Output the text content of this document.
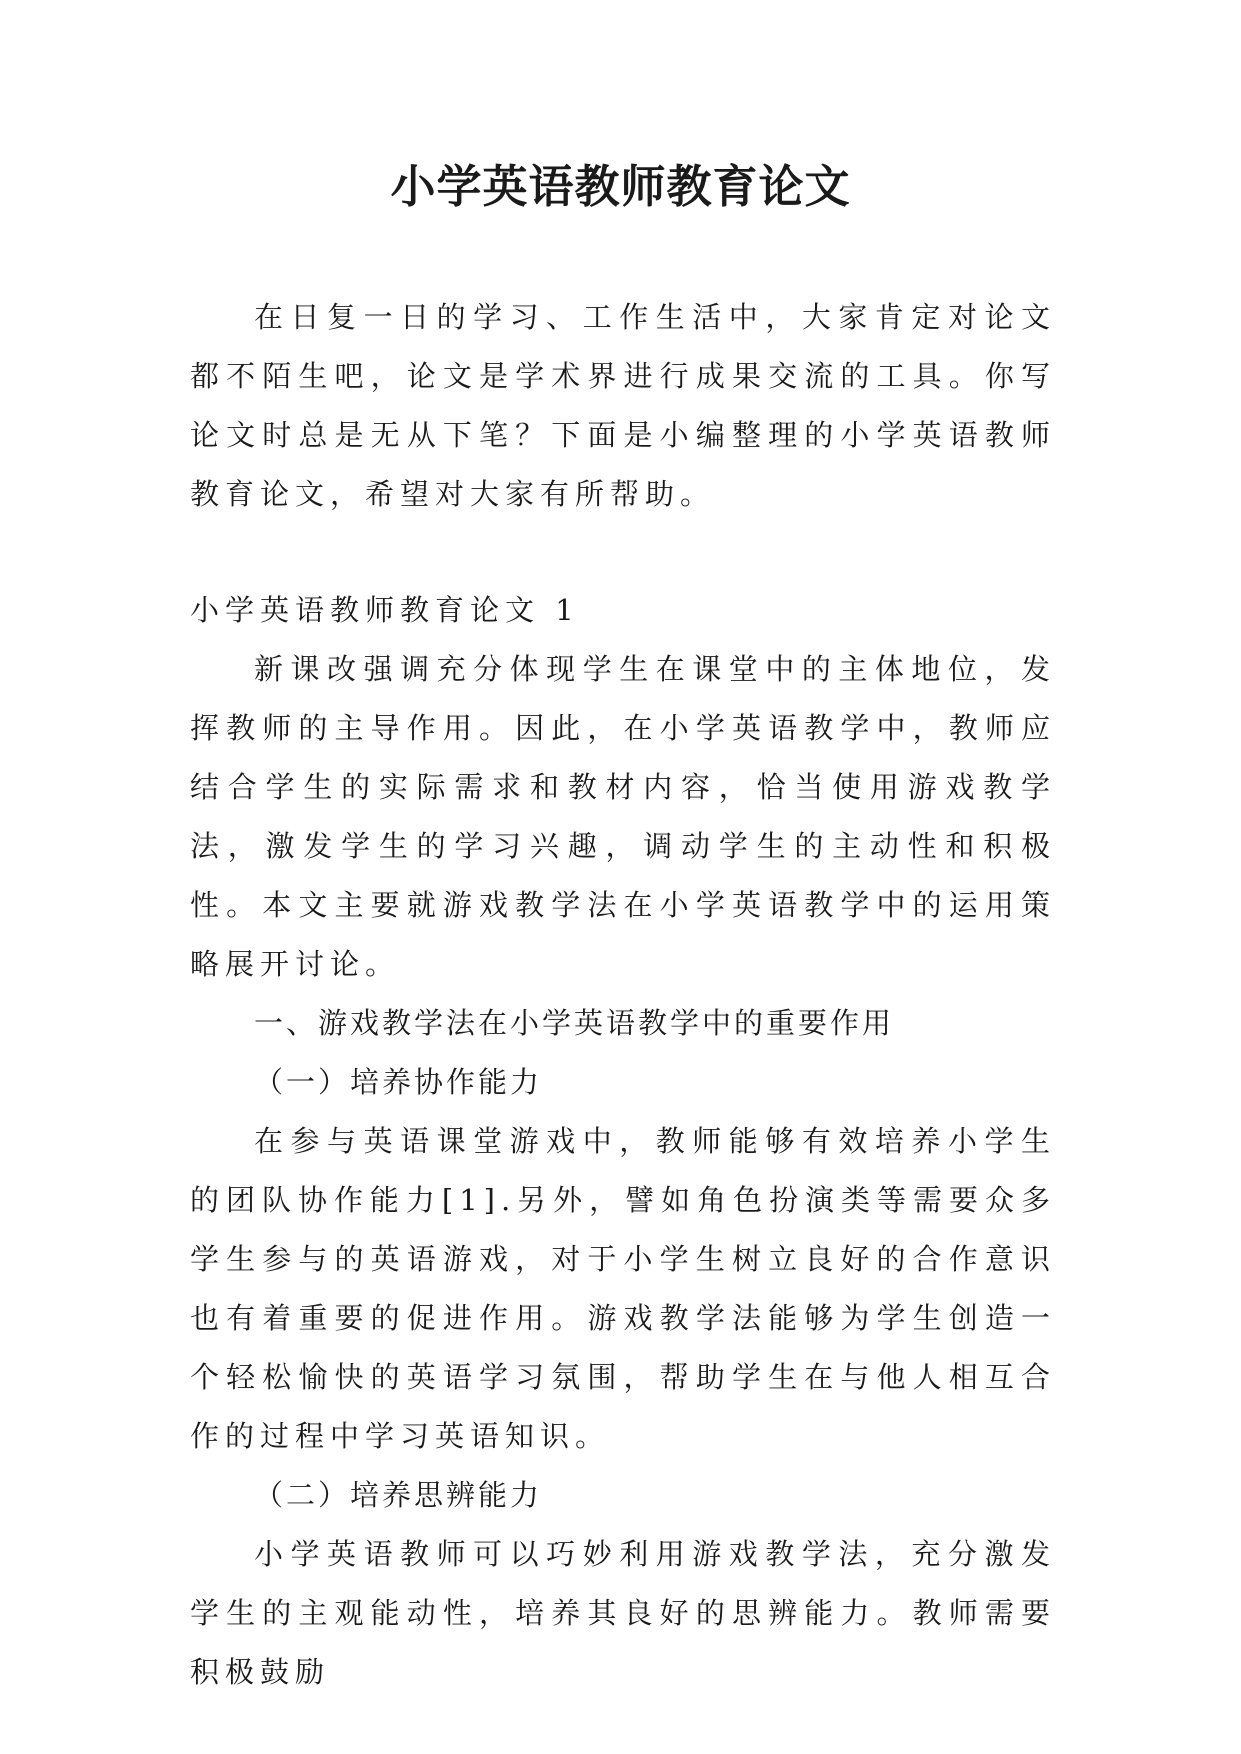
小学英语教师教育论文

在日复一日的学习、工作生活中，大家肯定对论文都不陌生吧，论文是学术界进行成果交流的工具。你写论文时总是无从下笔？下面是小编整理的小学英语教师教育论文，希望对大家有所帮助。

小学英语教师教育论文 1

新课改强调充分体现学生在课堂中的主体地位，发挥教师的主导作用。因此，在小学英语教学中，教师应结合学生的实际需求和教材内容，恰当使用游戏教学法，激发学生的学习兴趣，调动学生的主动性和积极性。本文主要就游戏教学法在小学英语教学中的运用策略展开讨论。

一、游戏教学法在小学英语教学中的重要作用

（一）培养协作能力

在参与英语课堂游戏中，教师能够有效培养小学生的团队协作能力[1].另外，譬如角色扮演类等需要众多学生参与的英语游戏，对于小学生树立良好的合作意识也有着重要的促进作用。游戏教学法能够为学生创造一个轻松愉快的英语学习氛围，帮助学生在与他人相互合作的过程中学习英语知识。

（二）培养思辨能力

小学英语教师可以巧妙利用游戏教学法，充分激发学生的主观能动性，培养其良好的思辨能力。教师需要积极鼓励
